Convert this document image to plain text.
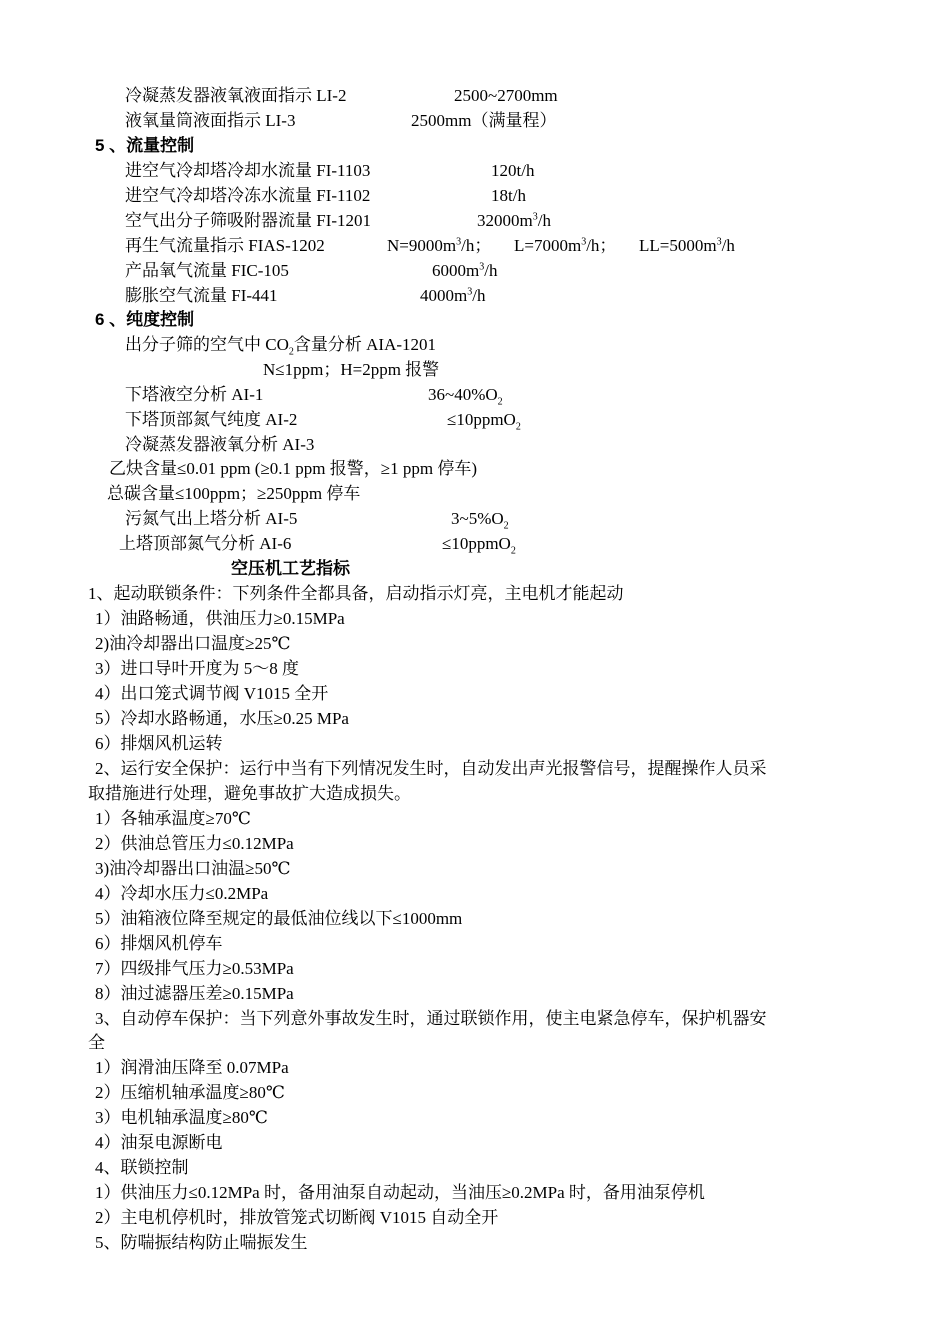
冷凝蒸发器液氧液面指示 LI-2	2500~2700mm
液氧量筒液面指示 LI-3	2500mm（满量程）
5 、流量控制
进空气冷却塔冷却水流量 FI-1103	120t/h
进空气冷却塔冷冻水流量 FI-1102	18t/h
空气出分子筛吸附器流量 FI-1201	$32000m^3/h$
再生气流量指示 FIAS-1202	$N=9000m^3/h$； $L=7000m^3/h$； $LL=5000m^3/h$
产品氧气流量 FIC-105	$6000m^3/h$
膨胀空气流量 FI-441	$4000m^3/h$
6 、纯度控制
出分子筛的空气中 $CO_2$含量分析 AIA-1201
N≤1ppm；H=2ppm 报警
下塔液空分析 AI-1	$36\sim 40\%O_2$
下塔顶部氮气纯度 AI-2	≤10ppmO$_2$
冷凝蒸发器液氧分析 AI-3
乙炔含量≤0.01 ppm (≥0.1 ppm 报警，≥1 ppm 停车)
总碳含量≤100ppm；≥250ppm 停车
污氮气出上塔分析 AI-5	$3\sim 5\%O_2$
上塔顶部氮气分析 AI-6	≤10ppmO$_2$
空压机工艺指标
1、起动联锁条件：下列条件全都具备，启动指示灯亮，主电机才能起动
1）油路畅通，供油压力≥0.15MPa
2)油冷却器出口温度≥25℃
3）进口导叶开度为 5～8 度
4）出口笼式调节阀 V1015 全开
5）冷却水路畅通，水压≥0.25 MPa
6）排烟风机运转
2、运行安全保护：运行中当有下列情况发生时，自动发出声光报警信号，提醒操作人员采
取措施进行处理，避免事故扩大造成损失。
1）各轴承温度≥70℃
2）供油总管压力≤0.12MPa
3)油冷却器出口油温≥50℃
4）冷却水压力≤0.2MPa
5）油箱液位降至规定的最低油位线以下≤1000mm
6）排烟风机停车
7）四级排气压力≥0.53MPa
8）油过滤器压差≥0.15MPa
3、自动停车保护：当下列意外事故发生时，通过联锁作用，使主电紧急停车，保护机器安
全
1）润滑油压降至 0.07MPa
2）压缩机轴承温度≥80℃
3）电机轴承温度≥80℃
4）油泵电源断电
4、联锁控制
1）供油压力≤0.12MPa 时，备用油泵自动起动，当油压≥0.2MPa 时，备用油泵停机
2）主电机停机时，排放管笼式切断阀 V1015 自动全开
5、防喘振结构防止喘振发生
